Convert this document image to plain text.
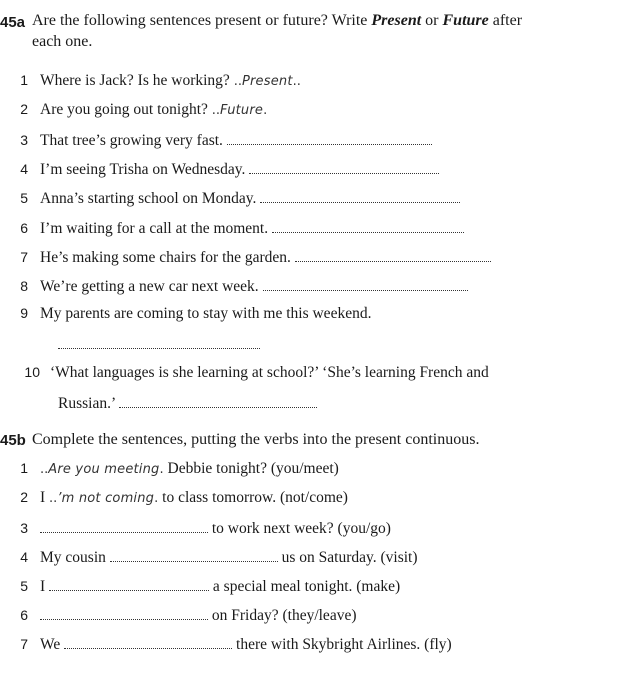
45a Are the following sentences present or future? Write Present or Future after
each one.
1 Where is Jack? Is he working? ..Present..
2 Are you going out tonight? ..Future.
3 That tree’s growing very fast.
4 I’m seeing Trisha on Wednesday.
5 Anna’s starting school on Monday.
6 I’m waiting for a call at the moment.
7 He’s making some chairs for the garden.
8 We’re getting a new car next week.
9 My parents are coming to stay with me this weekend.
10 ‘What languages is she learning at school?’ ‘She’s learning French and
Russian.’
45b Complete the sentences, putting the verbs into the present continuous.
1 ..Are you meeting. Debbie tonight? (you/meet)
2 I ..’m not coming. to class tomorrow. (not/come)
3	to work next week? (you/go)
4 My cousin	us on Saturday. (visit)
5 I	a special meal tonight. (make)
6	on Friday? (they/leave)
7 We	there with Skybright Airlines. (fly)
